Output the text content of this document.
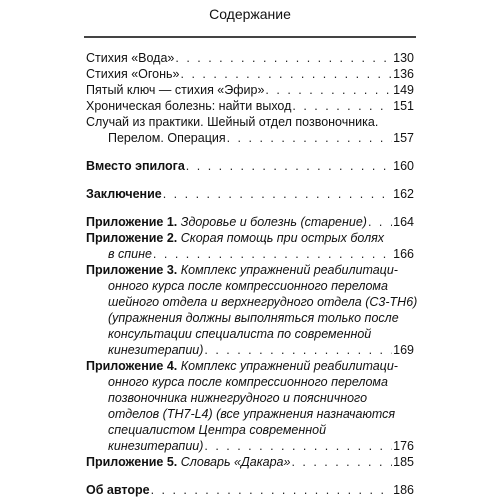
Содержание
Стихия «Вода» . . .	130
Стихия «Огонь» . . .	136
Пятый ключ — стихия «Эфир» . . .	149
Хроническая болезнь: найти выход . . .	151
Случай из практики. Шейный отдел позвоночника.
Перелом. Операция . . .	157
Вместо эпилога . . .	160
Заключение . . .	162
Приложение 1. Здоровье и болезнь (старение) . . . 164
Приложение 2. Скорая помощь при острых болях
в спине . . .	166
Приложение 3. Комплекс упражнений реабилитаци-
онного курса после компрессионного перелома
шейного отдела и верхнегрудного отдела (С3-ТН6)
(упражнения должны выполняться только после
консультации специалиста по современной
кинезитерапии) . . .	169
Приложение 4. Комплекс упражнений реабилитаци-
онного курса после компрессионного перелома
позвоночника нижнегрудного и поясничного
отделов (ТН7-L4) (все упражнения назначаются
специалистом Центра современной
кинезитерапии) . . .	176
Приложение 5. Словарь «Дакара» . . .	185
Об авторе . . .	186
